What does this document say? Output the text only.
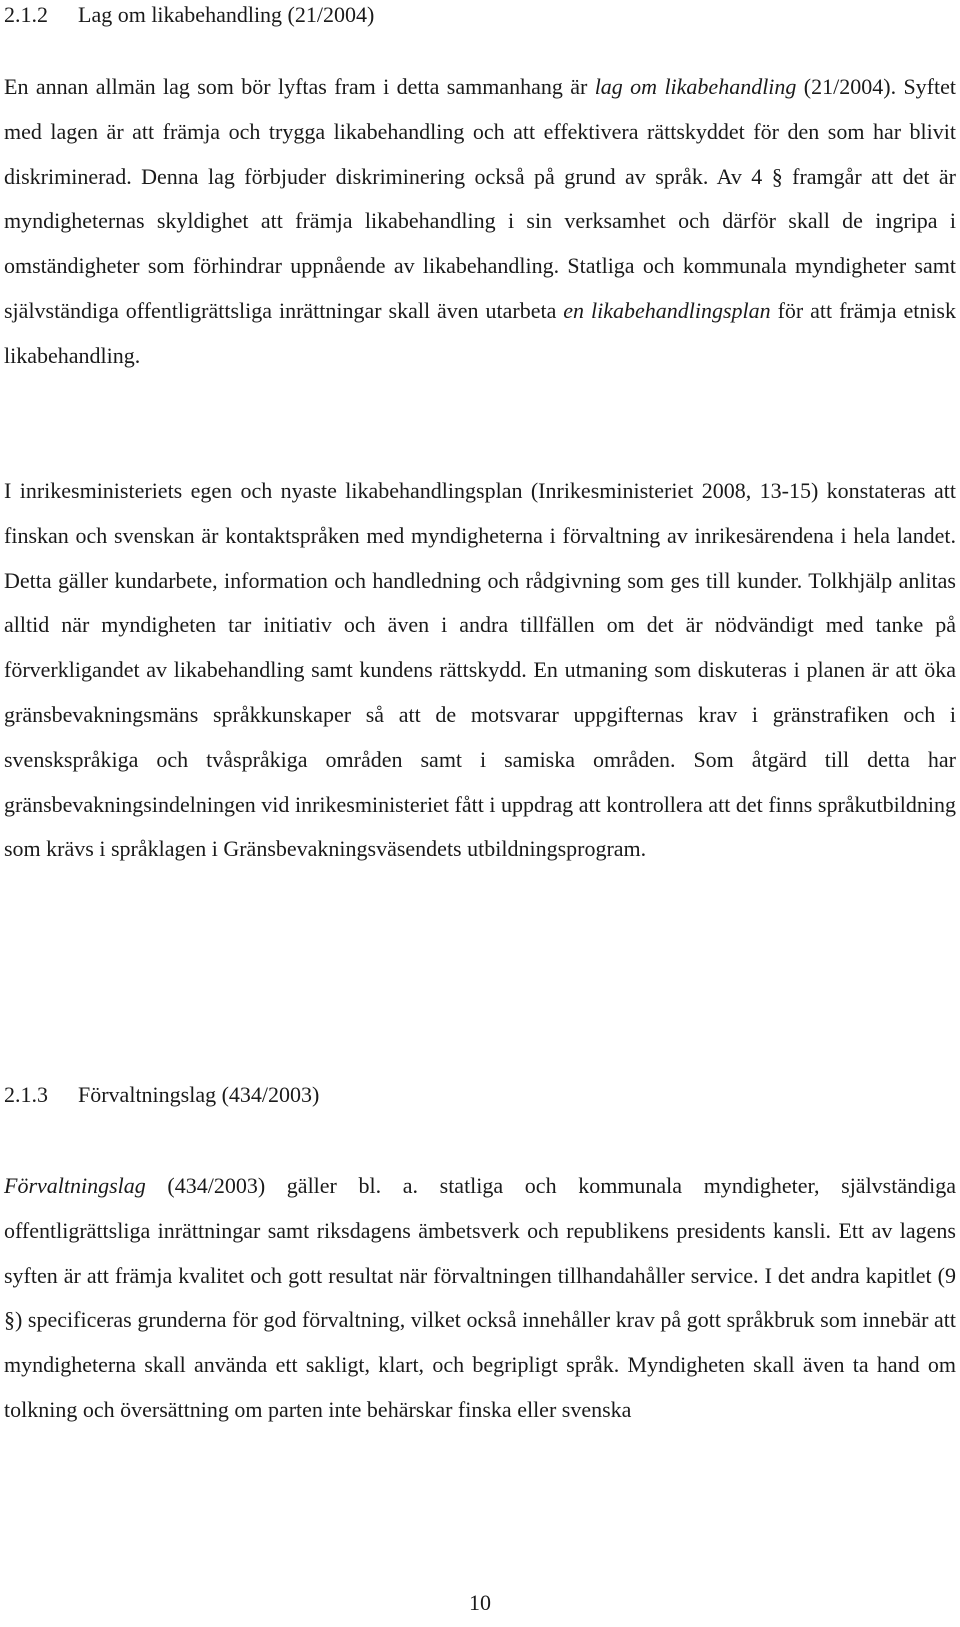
2.1.2 Lag om likabehandling (21/2004)

En annan allmän lag som bör lyftas fram i detta sammanhang är lag om likabehandling (21/2004). Syftet med lagen är att främja och trygga likabehandling och att effektivera rättskyddet för den som har blivit diskriminerad. Denna lag förbjuder diskriminering också på grund av språk. Av 4 § framgår att det är myndigheternas skyldighet att främja likabehandling i sin verksamhet och därför skall de ingripa i omständigheter som förhindrar uppnående av likabehandling. Statliga och kommunala myndigheter samt självständiga offentligrättsliga inrättningar skall även utarbeta en likabehandlingsplan för att främja etnisk likabehandling.

I inrikesministeriets egen och nyaste likabehandlingsplan (Inrikesministeriet 2008, 13-15) konstateras att finskan och svenskan är kontaktspråken med myndigheterna i förvaltning av inrikesärendena i hela landet. Detta gäller kundarbete, information och handledning och rådgivning som ges till kunder. Tolkhjälp anlitas alltid när myndigheten tar initiativ och även i andra tillfällen om det är nödvändigt med tanke på förverkligandet av likabehandling samt kundens rättskydd. En utmaning som diskuteras i planen är att öka gränsbevakningsmäns språkkunskaper så att de motsvarar uppgifternas krav i gränstrafiken och i svenskspråkiga och tvåspråkiga områden samt i samiska områden. Som åtgärd till detta har gränsbevakningsindelningen vid inrikesministeriet fått i uppdrag att kontrollera att det finns språkutbildning som krävs i språklagen i Gränsbevakningsväsendets utbildningsprogram.

2.1.3 Förvaltningslag (434/2003)

Förvaltningslag (434/2003) gäller bl. a. statliga och kommunala myndigheter, självständiga offentligrättsliga inrättningar samt riksdagens ämbetsverk och republikens presidents kansli. Ett av lagens syften är att främja kvalitet och gott resultat när förvaltningen tillhandahåller service. I det andra kapitlet (9 §) specificeras grunderna för god förvaltning, vilket också innehåller krav på gott språkbruk som innebär att myndigheterna skall använda ett sakligt, klart, och begripligt språk. Myndigheten skall även ta hand om tolkning och översättning om parten inte behärskar finska eller svenska

10
